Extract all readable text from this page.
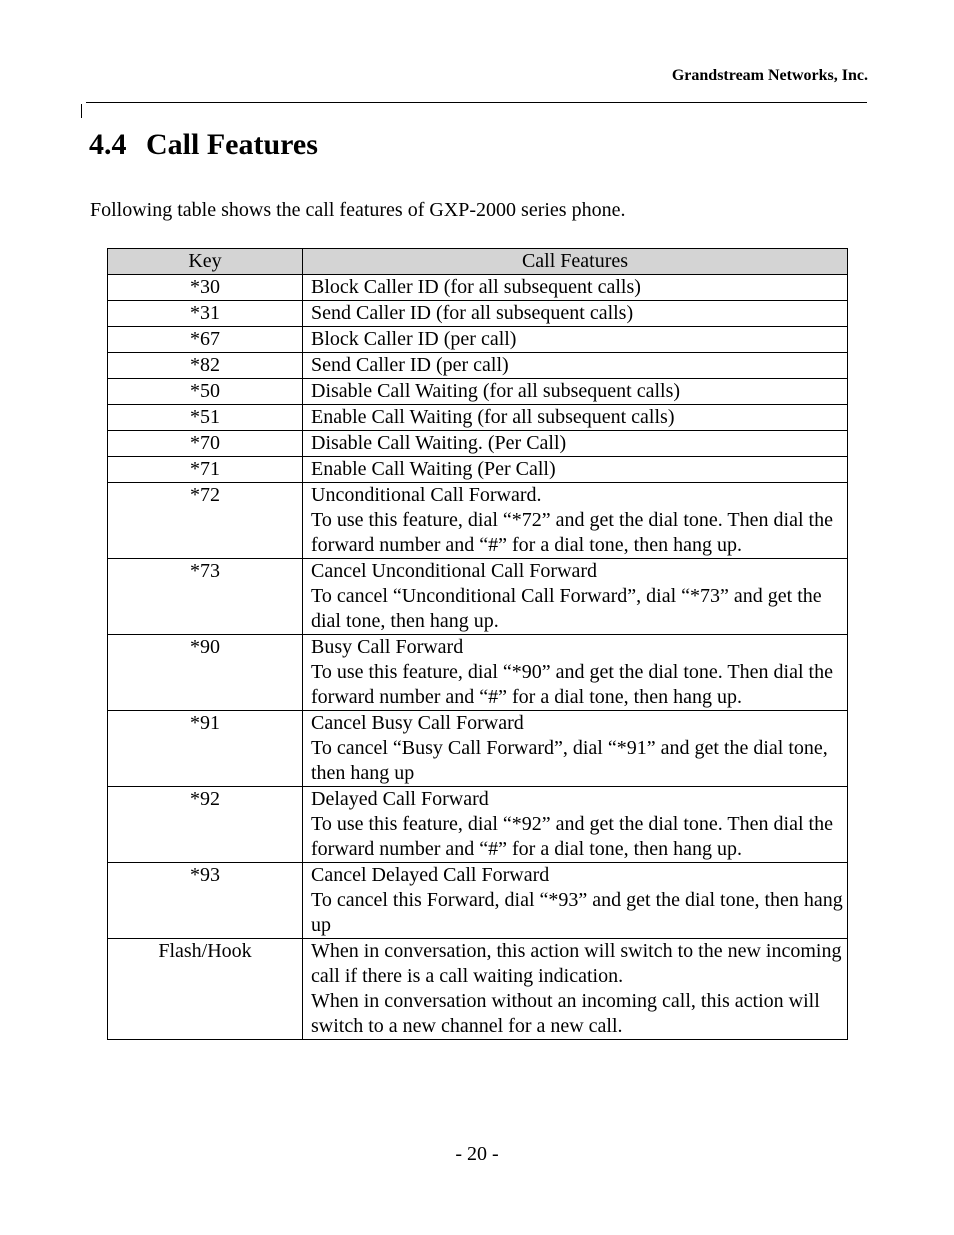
Grandstream Networks, Inc.
4.4 Call Features

Following table shows the call features of GXP-2000 series phone.

Key	Call Features
*30	Block Caller ID (for all subsequent calls)

*31	Send Caller ID (for all subsequent calls)

*67	Block Caller ID (per call)

*82	Send Caller ID (per call)

*50	Disable Call Waiting (for all subsequent calls)

*51	Enable Call Waiting (for all subsequent calls)

*70	Disable Call Waiting. (Per Call)

*71	Enable Call Waiting (Per Call)

*72	Unconditional Call Forward.
To use this feature, dial “*72” and get the dial tone. Then dial the forward number and “#” for a dial tone, then hang up.

*73	Cancel Unconditional Call Forward
To cancel “Unconditional Call Forward”, dial “*73” and get the dial tone, then hang up.

*90	Busy Call Forward
To use this feature, dial “*90” and get the dial tone. Then dial the forward number and “#” for a dial tone, then hang up.

*91	Cancel Busy Call Forward
To cancel “Busy Call Forward”, dial “*91” and get the dial tone, then hang up

*92	Delayed Call Forward
To use this feature, dial “*92” and get the dial tone. Then dial the forward number and “#” for a dial tone, then hang up.

*93	Cancel Delayed Call Forward
To cancel this Forward, dial “*93” and get the dial tone, then hang up

Flash/Hook	When in conversation, this action will switch to the new incoming call if there is a call waiting indication.
When in conversation without an incoming call, this action will switch to a new channel for a new call.
- 20 -
